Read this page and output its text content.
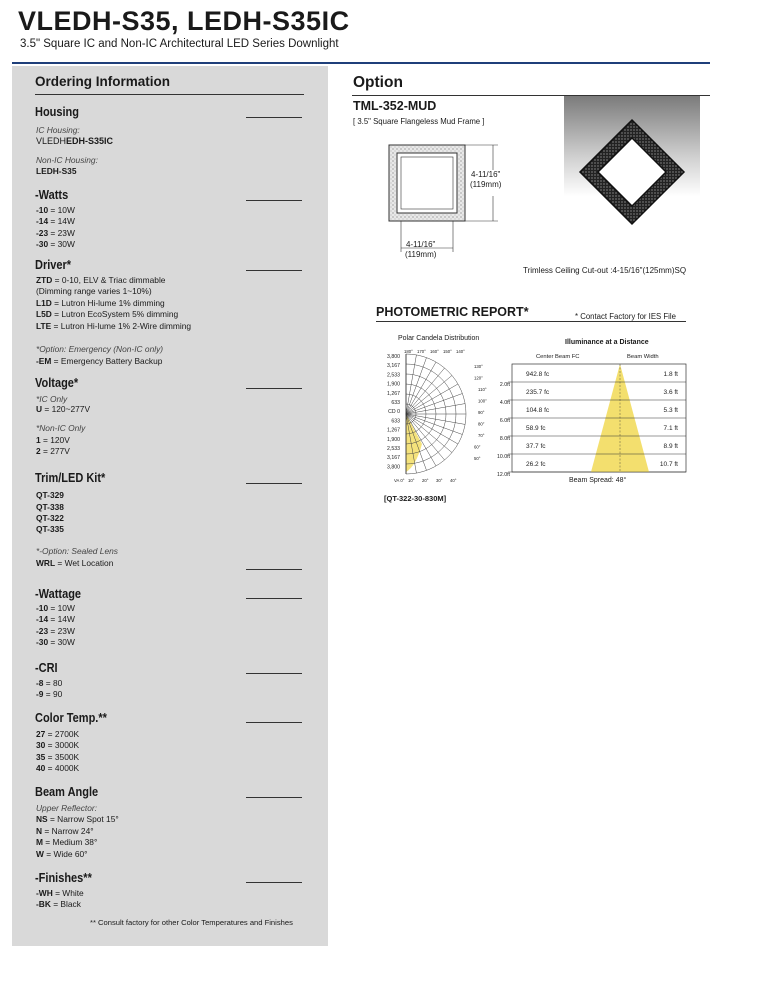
VLEDH-S35, LEDH-S35IC
3.5" Square IC and Non-IC Architectural LED Series Downlight
Ordering Information
Housing
IC Housing:
VLEDHEDH-S35IC
Non-IC Housing:
LEDH-S35
-Watts
-10 = 10W
-14 = 14W
-23 = 23W
-30 = 30W
Driver*
ZTD = 0-10, ELV & Triac dimmable
(Dimming range varies 1~10%)
L1D = Lutron Hi-lume 1% dimming
L5D = Lutron EcoSystem 5% dimming
LTE = Lutron Hi-lume 1% 2-Wire dimming
*Option: Emergency (Non-IC only)
-EM = Emergency Battery Backup
Voltage*
*IC Only
U = 120~277V
*Non-IC Only
1 = 120V
2 = 277V
Trim/LED Kit*
QT-329
QT-338
QT-322
QT-335
*-Option: Sealed Lens
WRL = Wet Location
-Wattage
-10 = 10W
-14 = 14W
-23 = 23W
-30 = 30W
-CRI
-8 = 80
-9 = 90
Color Temp.**
27 = 2700K
30 = 3000K
35 = 3500K
40 = 4000K
Beam Angle
Upper Reflector:
NS = Narrow Spot 15°
N = Narrow 24°
M = Medium 38°
W = Wide 60°
-Finishes**
-WH = White
-BK = Black
** Consult factory for other Color Temperatures and Finishes
Option
TML-352-MUD
[ 3.5" Square Flangeless Mud Frame ]
4-11/16"
(119mm)
4-11/16"
(119mm)
Trimless Ceiling Cut-out :4-15/16"(125mm)SQ
PHOTOMETRIC REPORT*	* Contact Factory for IES File
Polar Candela Distribution
3,800
3,167
2,533
1,900
1,267
633
CD 0
633
1,267
1,900
2,533
3,167
3,800
180° 170° 160° 150° 140°
130°
120°
110°
100°
90°
80°
70°
60°
50°
VA 0° 10° 20° 30° 40°
Illuminance at a Distance
Center Beam FC	Beam Width
2.0ft
942.8 fc	1.8 ft
4.0ft
235.7 fc	3.6 ft
6.0ft
104.8 fc	5.3 ft
8.0ft
58.9 fc	7.1 ft
10.0ft
37.7 fc	8.9 ft
12.0ft
26.2 fc	10.7 ft
Beam Spread: 48°
[QT-322-30-830M]
